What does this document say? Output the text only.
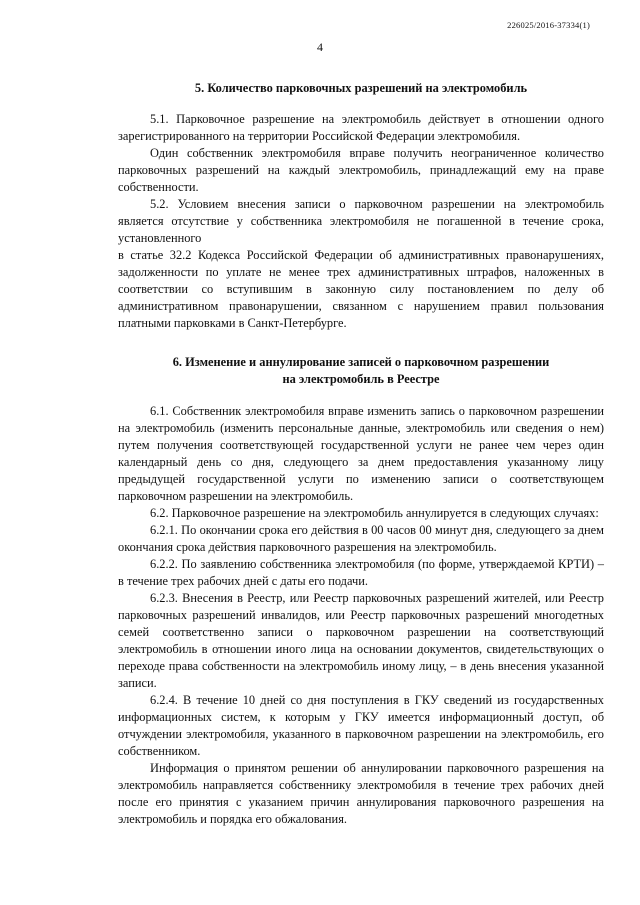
226025/2016-37334(1)
4
5. Количество парковочных разрешений на электромобиль

5.1. Парковочное разрешение на электромобиль действует в отношении одного зарегистрированного на территории Российской Федерации электромобиля.

Один собственник электромобиля вправе получить неограниченное количество парковочных разрешений на каждый электромобиль, принадлежащий ему на праве собственности.

5.2. Условием внесения записи о парковочном разрешении на электромобиль является отсутствие у собственника электромобиля не погашенной в течение срока, установленного

в статье 32.2 Кодекса Российской Федерации об административных правонарушениях, задолженности по уплате не менее трех административных штрафов, наложенных в соответствии со вступившим в законную силу постановлением по делу об административном правонарушении, связанном с нарушением правил пользования платными парковками в Санкт-Петербурге.

6. Изменение и аннулирование записей о парковочном разрешении
на электромобиль в Реестре

6.1. Собственник электромобиля вправе изменить запись о парковочном разрешении на электромобиль (изменить персональные данные, электромобиль или сведения о нем) путем получения соответствующей государственной услуги не ранее чем через один календарный день со дня, следующего за днем предоставления указанному лицу предыдущей государственной услуги по изменению записи о соответствующем парковочном разрешении на электромобиль.

6.2. Парковочное разрешение на электромобиль аннулируется в следующих случаях:

6.2.1. По окончании срока его действия в 00 часов 00 минут дня, следующего за днем окончания срока действия парковочного разрешения на электромобиль.

6.2.2. По заявлению собственника электромобиля (по форме, утверждаемой КРТИ) – в течение трех рабочих дней с даты его подачи.

6.2.3. Внесения в Реестр, или Реестр парковочных разрешений жителей, или Реестр парковочных разрешений инвалидов, или Реестр парковочных разрешений многодетных семей соответственно записи о парковочном разрешении на соответствующий электромобиль в отношении иного лица на основании документов, свидетельствующих о переходе права собственности на электромобиль иному лицу, – в день внесения указанной записи.

6.2.4. В течение 10 дней со дня поступления в ГКУ сведений из государственных информационных систем, к которым у ГКУ имеется информационный доступ, об отчуждении электромобиля, указанного в парковочном разрешении на электромобиль, его собственником.

Информация о принятом решении об аннулировании парковочного разрешения на электромобиль направляется собственнику электромобиля в течение трех рабочих дней после его принятия с указанием причин аннулирования парковочного разрешения на электромобиль и порядка его обжалования.
